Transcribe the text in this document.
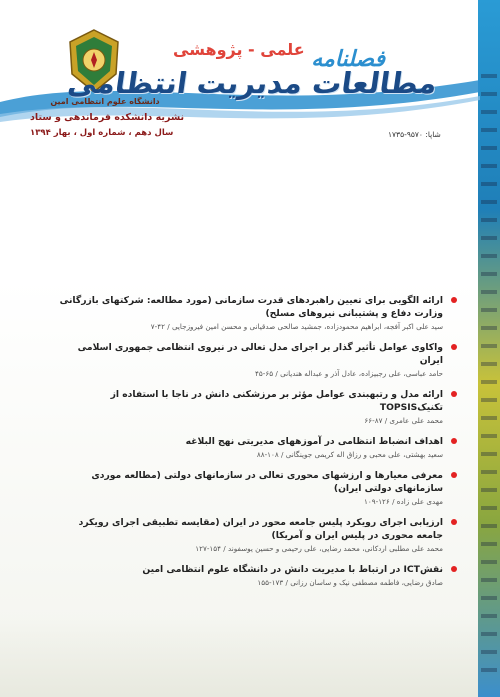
دانشگاه علوم انتظامی امین
نشریه دانشکده فرماندهی و ستاد
سال دهم ، شماره اول ، بهار ۱۳۹۴
فصلنامه
علمی - پژوهشی
مطالعات مدیریت انتظامی
شاپا: ۹۵۷۰-۱۷۳۵
ارائه الگویی برای تعیین راهبردهای قدرت سازمانی (مورد مطالعه: شرکتهای بازرگانی وزارت دفاع و پشتیبانی نیروهای مسلح)
سید علی اکبر آفجه، ابراهیم محمودزاده، جمشید صالحی صدقیانی و محسن امین فیروزجایی / ۴۲-۷
واکاوی عوامل تأثیر گذار بر اجرای مدل تعالی در نیروی انتظامی جمهوری اسلامی ایران
حامد عباسی، علی رجبیزاده، عادل آذر و عبداله هندیانی / ۶۵-۴۵
ارائه مدل و رتبهبندی عوامل مؤثر بر مرزشکنی دانش در ناجا با استفاده از تکنیکTOPSIS
محمد علی عامری / ۸۷-۶۶
اهداف انضباط انتظامی در آموزههای مدیریتی نهج البلاغه
سعید بهشتی، علی محبی و رزاق اله کریمی جوینگانی / ۱۰۸-۸۸
معرفی معیارها و ارزشهای محوری تعالی در سازمانهای دولتی (مطالعه موردی سازمانهای دولتی ایران)
مهدی علی زاده / ۱۲۶-۱۰۹
ارزیابی اجرای رویکرد پلیس جامعه محور در ایران (مقایسه تطبیقی اجرای رویکرد جامعه محوری در پلیس ایران و آمریکا)
محمد علی مطلبی اردکانی، محمد رضایی، علی رحیمی و حسین یوسفوند / ۱۵۴-۱۲۷
نقشICT در ارتباط با مدیریت دانش در دانشگاه علوم انتظامی امین
صادق رضایی، فاطمه مصطفی نیک و ساسان رزانی / ۱۷۳-۱۵۵
